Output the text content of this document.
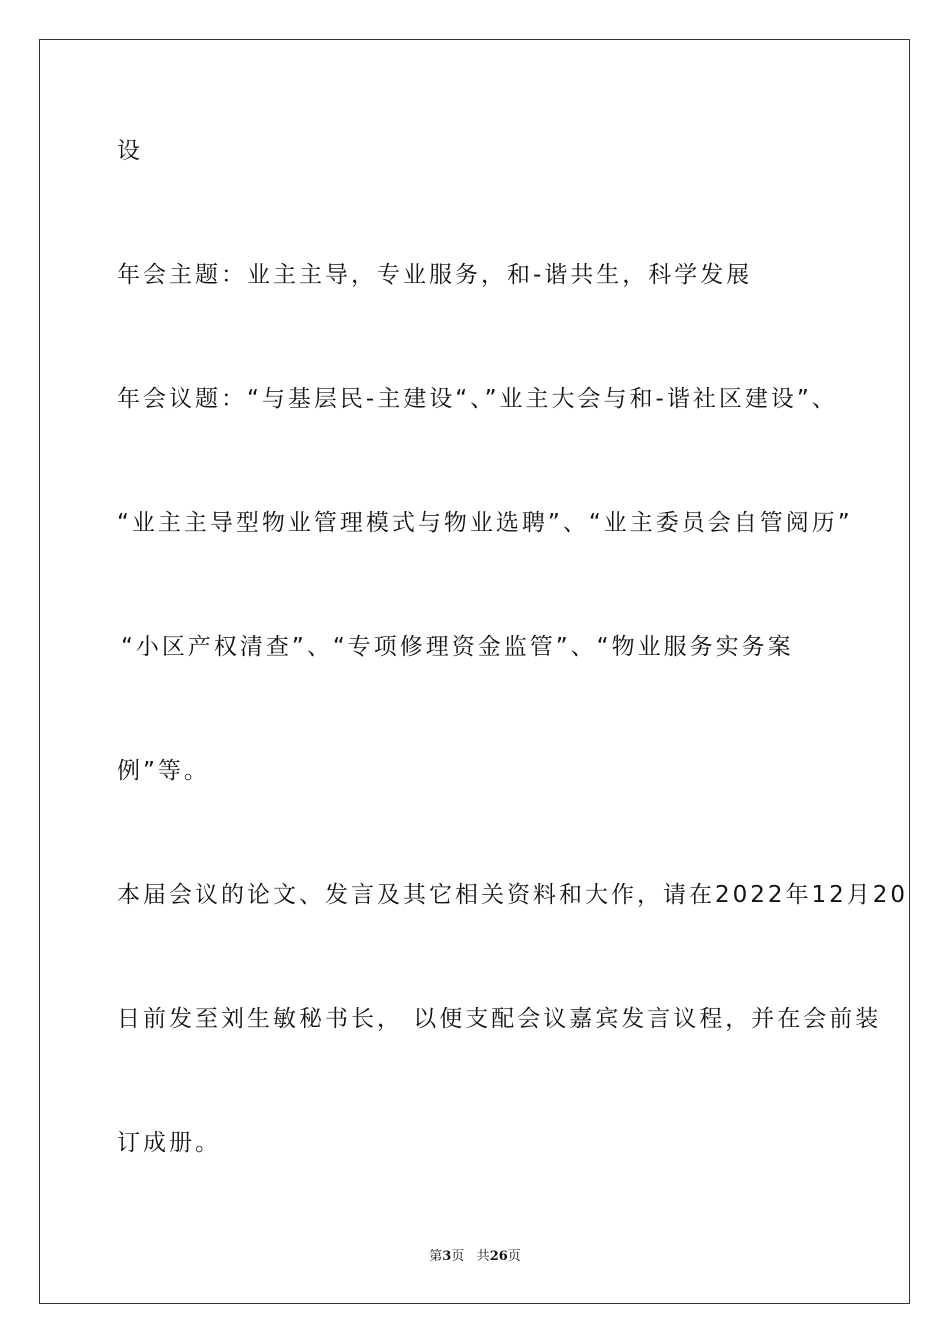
设
年会主题：业主主导，专业服务，和-谐共生，科学发展
年会议题：“与基层民-主建设“、”业主大会与和-谐社区建设”、
“业主主导型物业管理模式与物业选聘”、“业主委员会自管阅历”
“小区产权清查”、“专项修理资金监管”、“物业服务实务案
例”等。
本届会议的论文、发言及其它相关资料和大作，请在2022年12月20
日前发至刘生敏秘书长， 以便支配会议嘉宾发言议程，并在会前装
订成册。
第3页 共26页
